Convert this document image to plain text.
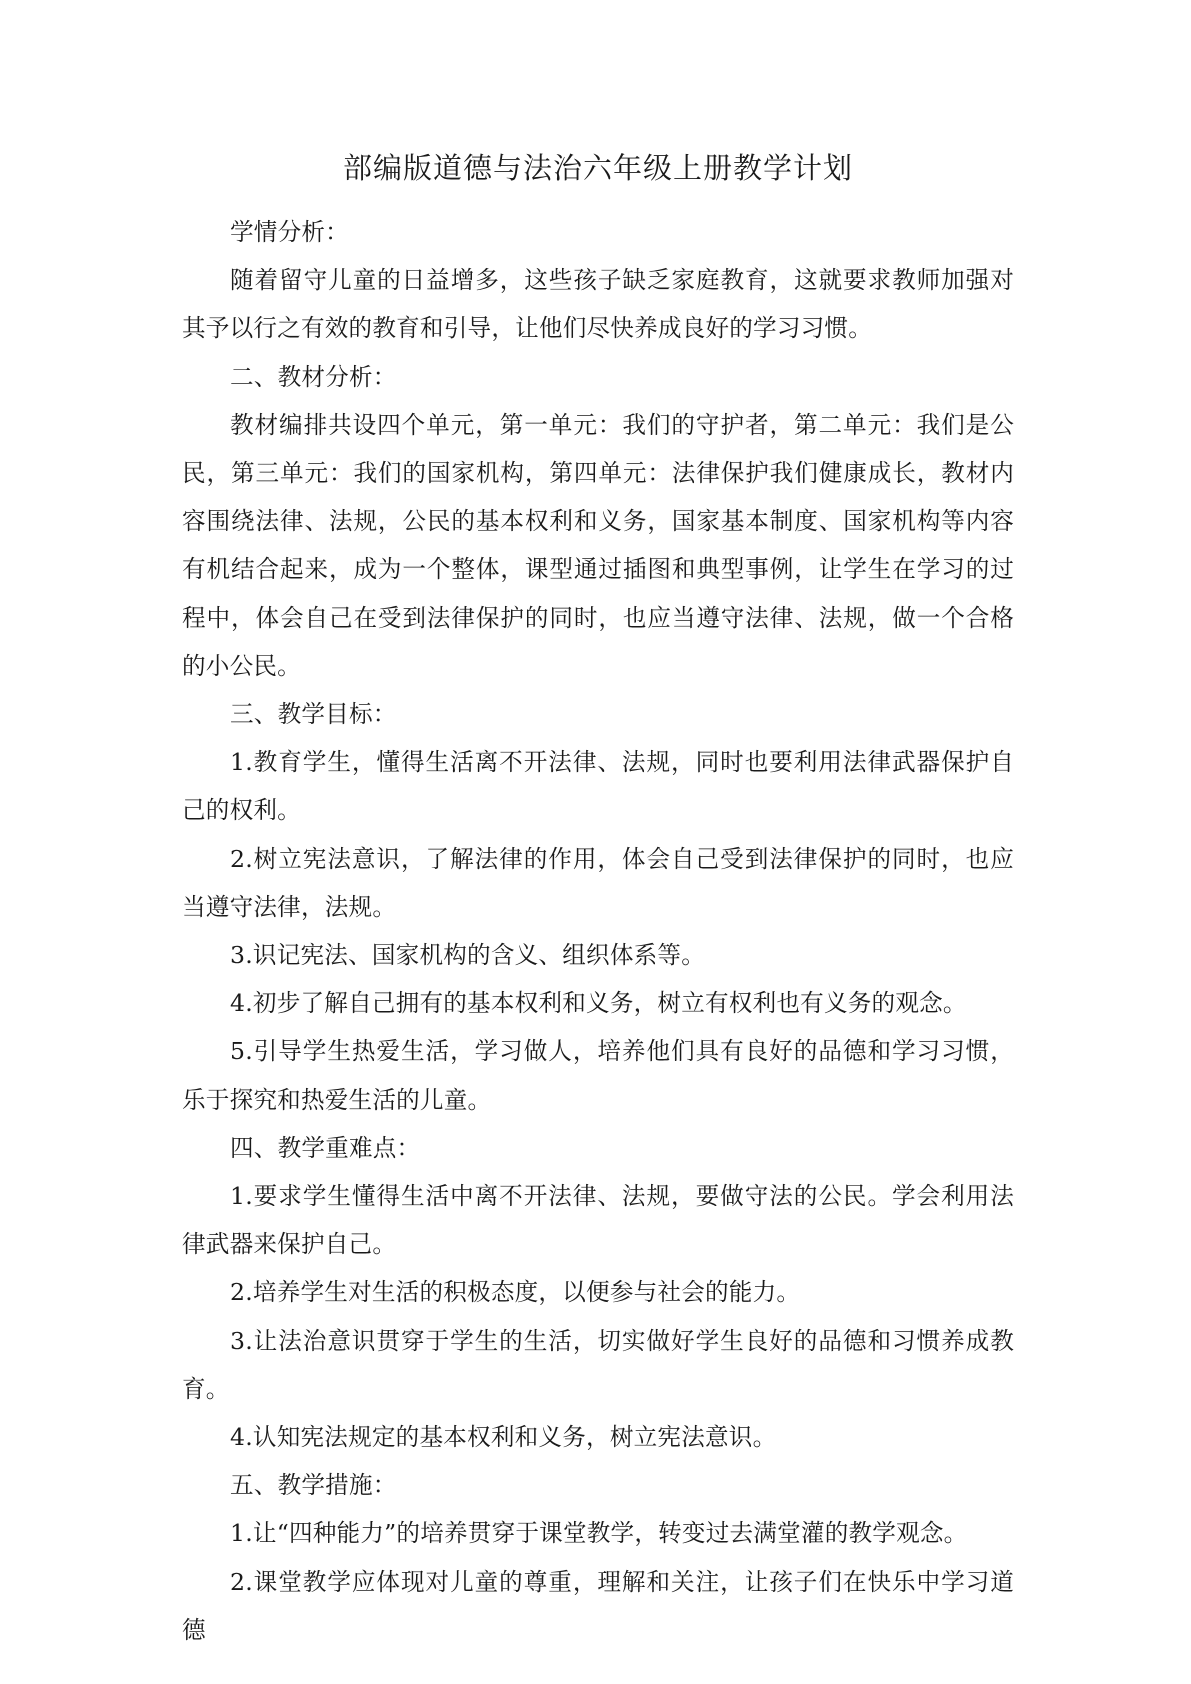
部编版道德与法治六年级上册教学计划

学情分析：

随着留守儿童的日益增多，这些孩子缺乏家庭教育，这就要求教师加强对其予以行之有效的教育和引导，让他们尽快养成良好的学习习惯。

二、教材分析：

教材编排共设四个单元，第一单元：我们的守护者，第二单元：我们是公民，第三单元：我们的国家机构，第四单元：法律保护我们健康成长，教材内容围绕法律、法规，公民的基本权利和义务，国家基本制度、国家机构等内容有机结合起来，成为一个整体，课型通过插图和典型事例，让学生在学习的过程中，体会自己在受到法律保护的同时，也应当遵守法律、法规，做一个合格的小公民。

三、教学目标：

1.教育学生，懂得生活离不开法律、法规，同时也要利用法律武器保护自己的权利。

2.树立宪法意识，了解法律的作用，体会自己受到法律保护的同时，也应当遵守法律，法规。

3.识记宪法、国家机构的含义、组织体系等。

4.初步了解自己拥有的基本权利和义务，树立有权利也有义务的观念。

5.引导学生热爱生活，学习做人，培养他们具有良好的品德和学习习惯，乐于探究和热爱生活的儿童。

四、教学重难点：

1.要求学生懂得生活中离不开法律、法规，要做守法的公民。学会利用法律武器来保护自己。

2.培养学生对生活的积极态度，以便参与社会的能力。

3.让法治意识贯穿于学生的生活，切实做好学生良好的品德和习惯养成教育。

4.认知宪法规定的基本权利和义务，树立宪法意识。

五、教学措施：

1.让“四种能力”的培养贯穿于课堂教学，转变过去满堂灌的教学观念。

2.课堂教学应体现对儿童的尊重，理解和关注，让孩子们在快乐中学习道德
